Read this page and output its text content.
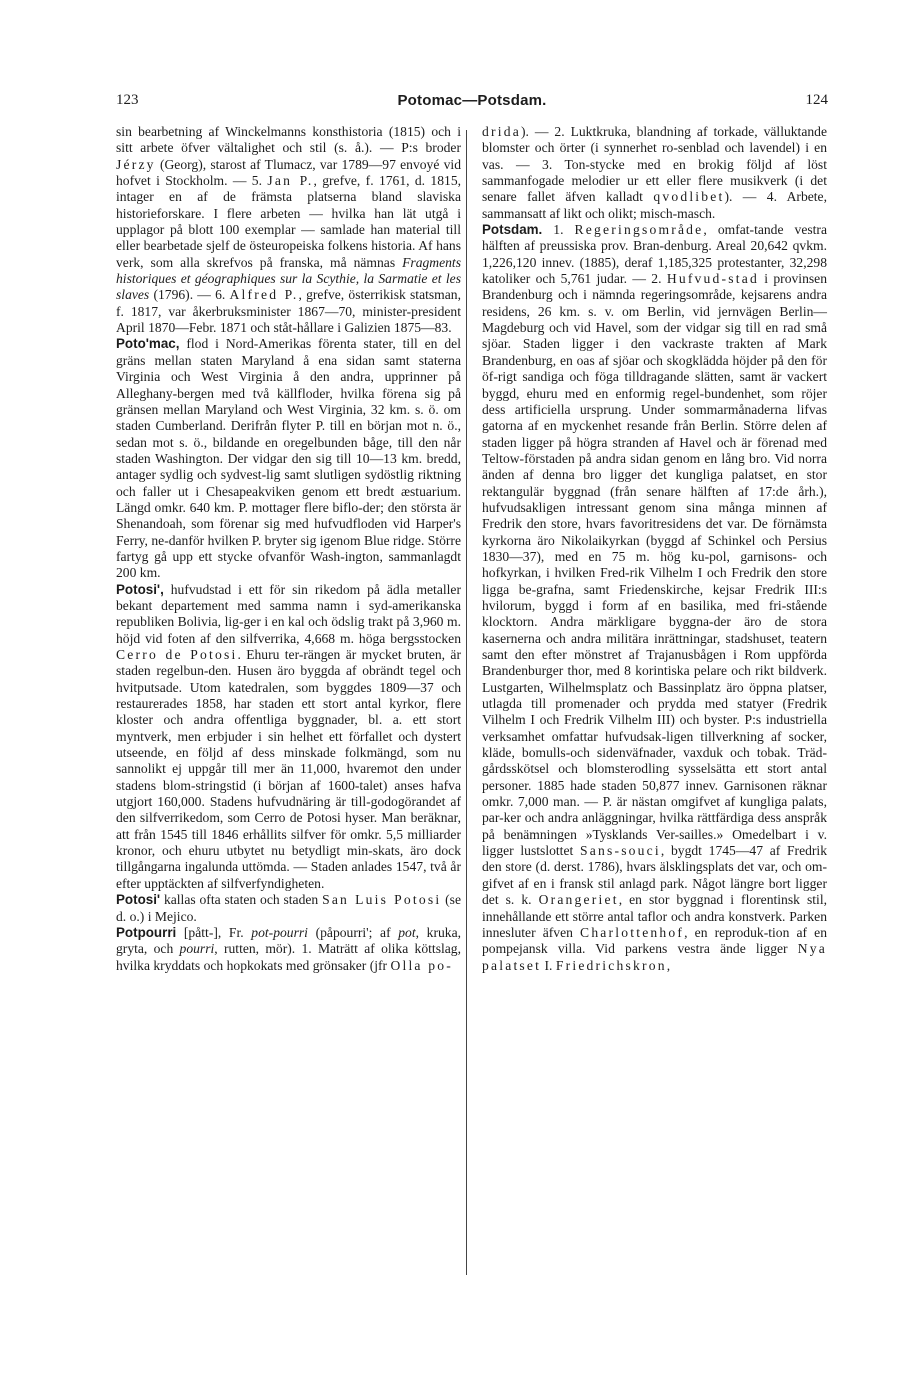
123	Potomac—Potsdam.	124

sin bearbetning af Winckelmanns konsthistoria (1815) och i sitt arbete öfver vältalighet och stil (s. å.). — P:s broder Jérzy (Georg), starost af Tlumacz, var 1789—97 envoyé vid hofvet i Stockholm. — 5. Jan P., grefve, f. 1761, d. 1815, intager en af de främsta platserna bland slaviska historieforskare. I flere arbeten — hvilka han lät utgå i upplagor på blott 100 exemplar — samlade han material till eller bearbetade sjelf de östeuropeiska folkens historia. Af hans verk, som alla skrefvos på franska, må nämnas Fragments historiques et géographiques sur la Scythie, la Sarmatie et les slaves (1796). — 6. Alfred P., grefve, österrikisk statsman, f. 1817, var åkerbruksminister 1867—70, minister-president April 1870—Febr. 1871 och ståt-hållare i Galizien 1875—83.

Poto'mac, flod i Nord-Amerikas förenta stater, till en del gräns mellan staten Maryland å ena sidan samt staterna Virginia och West Virginia å den andra, upprinner på Alleghany-bergen med två källfloder, hvilka förena sig på gränsen mellan Maryland och West Virginia, 32 km. s. ö. om staden Cumberland. Derifrån flyter P. till en början mot n. ö., sedan mot s. ö., bildande en oregelbunden båge, till den når staden Washington. Der vidgar den sig till 10—13 km. bredd, antager sydlig och sydvest-lig samt slutligen sydöstlig riktning och faller ut i Chesapeakviken genom ett bredt æstuarium. Längd omkr. 640 km. P. mottager flere biflo-der; den största är Shenandoah, som förenar sig med hufvudfloden vid Harper's Ferry, ne-danför hvilken P. bryter sig igenom Blue ridge. Större fartyg gå upp ett stycke ofvanför Wash-ington, sammanlagdt 200 km.

Potosi', hufvudstad i ett för sin rikedom på ädla metaller bekant departement med samma namn i syd-amerikanska republiken Bolivia, lig-ger i en kal och ödslig trakt på 3,960 m. höjd vid foten af den silfverrika, 4,668 m. höga bergsstocken Cerro de Potosi. Ehuru ter-rängen är mycket bruten, är staden regelbun-den. Husen äro byggda af obrändt tegel och hvitputsade. Utom katedralen, som byggdes 1809—37 och restaurerades 1858, har staden ett stort antal kyrkor, flere kloster och andra offentliga byggnader, bl. a. ett stort myntverk, men erbjuder i sin helhet ett förfallet och dystert utseende, en följd af dess minskade folkmängd, som nu sannolikt ej uppgår till mer än 11,000, hvaremot den under stadens blom-stringstid (i början af 1600-talet) anses hafva utgjort 160,000. Stadens hufvudnäring är till-godogörandet af den silfverrikedom, som Cerro de Potosi hyser. Man beräknar, att från 1545 till 1846 erhållits silfver för omkr. 5,5 milliarder kronor, och ehuru utbytet nu betydligt min-skats, äro dock tillgångarna ingalunda uttömda. — Staden anlades 1547, två år efter upptäckten af silfverfyndigheten.

Potosi' kallas ofta staten och staden San Luis Potosi (se d. o.) i Mejico.

Potpourri [pått-], Fr. pot-pourri (påpourri'; af pot, kruka, gryta, och pourri, rutten, mör). 1. Maträtt af olika köttslag, hvilka kryddats och hopkokats med grönsaker (jfr Olla po-

drida). — 2. Luktkruka, blandning af torkade, välluktande blomster och örter (i synnerhet ro-senblad och lavendel) i en vas. — 3. Ton-stycke med en brokig följd af löst sammanfogade melodier ur ett eller flere musikverk (i det senare fallet äfven kalladt qvodlibet). — 4. Arbete, sammansatt af likt och olikt; misch-masch.

Potsdam. 1. Regeringsområde, omfat-tande vestra hälften af preussiska prov. Bran-denburg. Areal 20,642 qvkm. 1,226,120 innev. (1885), deraf 1,185,325 protestanter, 32,298 katoliker och 5,761 judar. — 2. Hufvud-stad i provinsen Brandenburg och i nämnda regeringsområde, kejsarens andra residens, 26 km. s. v. om Berlin, vid jernvägen Berlin—Magdeburg och vid Havel, som der vidgar sig till en rad små sjöar. Staden ligger i den vackraste trakten af Mark Brandenburg, en oas af sjöar och skogklädda höjder på den för öf-rigt sandiga och föga tilldragande slätten, samt är vackert byggd, ehuru med en enformig regel-bundenhet, som röjer dess artificiella ursprung. Under sommarmånaderna lifvas gatorna af en myckenhet resande från Berlin. Större delen af staden ligger på högra stranden af Havel och är förenad med Teltow-förstaden på andra sidan genom en lång bro. Vid norra änden af denna bro ligger det kungliga palatset, en stor rektangulär byggnad (från senare hälften af 17:de årh.), hufvudsakligen intressant genom sina många minnen af Fredrik den store, hvars favoritresidens det var. De förnämsta kyrkorna äro Nikolaikyrkan (byggd af Schinkel och Persius 1830—37), med en 75 m. hög ku-pol, garnisons- och hofkyrkan, i hvilken Fred-rik Vilhelm I och Fredrik den store ligga be-grafna, samt Friedenskirche, kejsar Fredrik III:s hvilorum, byggd i form af en basilika, med fri-stående klocktorn. Andra märkligare byggna-der äro de stora kasernerna och andra militära inrättningar, stadshuset, teatern samt den efter mönstret af Trajanusbågen i Rom uppförda Brandenburger thor, med 8 korintiska pelare och rikt bildverk. Lustgarten, Wilhelmsplatz och Bassinplatz äro öppna platser, utlagda till promenader och prydda med statyer (Fredrik Vilhelm I och Fredrik Vilhelm III) och byster. P:s industriella verksamhet omfattar hufvudsak-ligen tillverkning af socker, kläde, bomulls-och sidenväfnader, vaxduk och tobak. Träd-gårdsskötsel och blomsterodling sysselsätta ett stort antal personer. 1885 hade staden 50,877 innev. Garnisonen räknar omkr. 7,000 man. — P. är nästan omgifvet af kungliga palats, par-ker och andra anläggningar, hvilka rättfärdiga dess anspråk på benämningen »Tysklands Ver-sailles.» Omedelbart i v. ligger lustslottet Sans-souci, bygdt 1745—47 af Fredrik den store (d. derst. 1786), hvars älsklingsplats det var, och om-gifvet af en i fransk stil anlagd park. Något längre bort ligger det s. k. Orangeriet, en stor byggnad i florentinsk stil, innehållande ett större antal taflor och andra konstverk. Parken innesluter äfven Charlottenhof, en reproduk-tion af en pompejansk villa. Vid parkens vestra ände ligger Nya palatset I. Friedrichskron,
